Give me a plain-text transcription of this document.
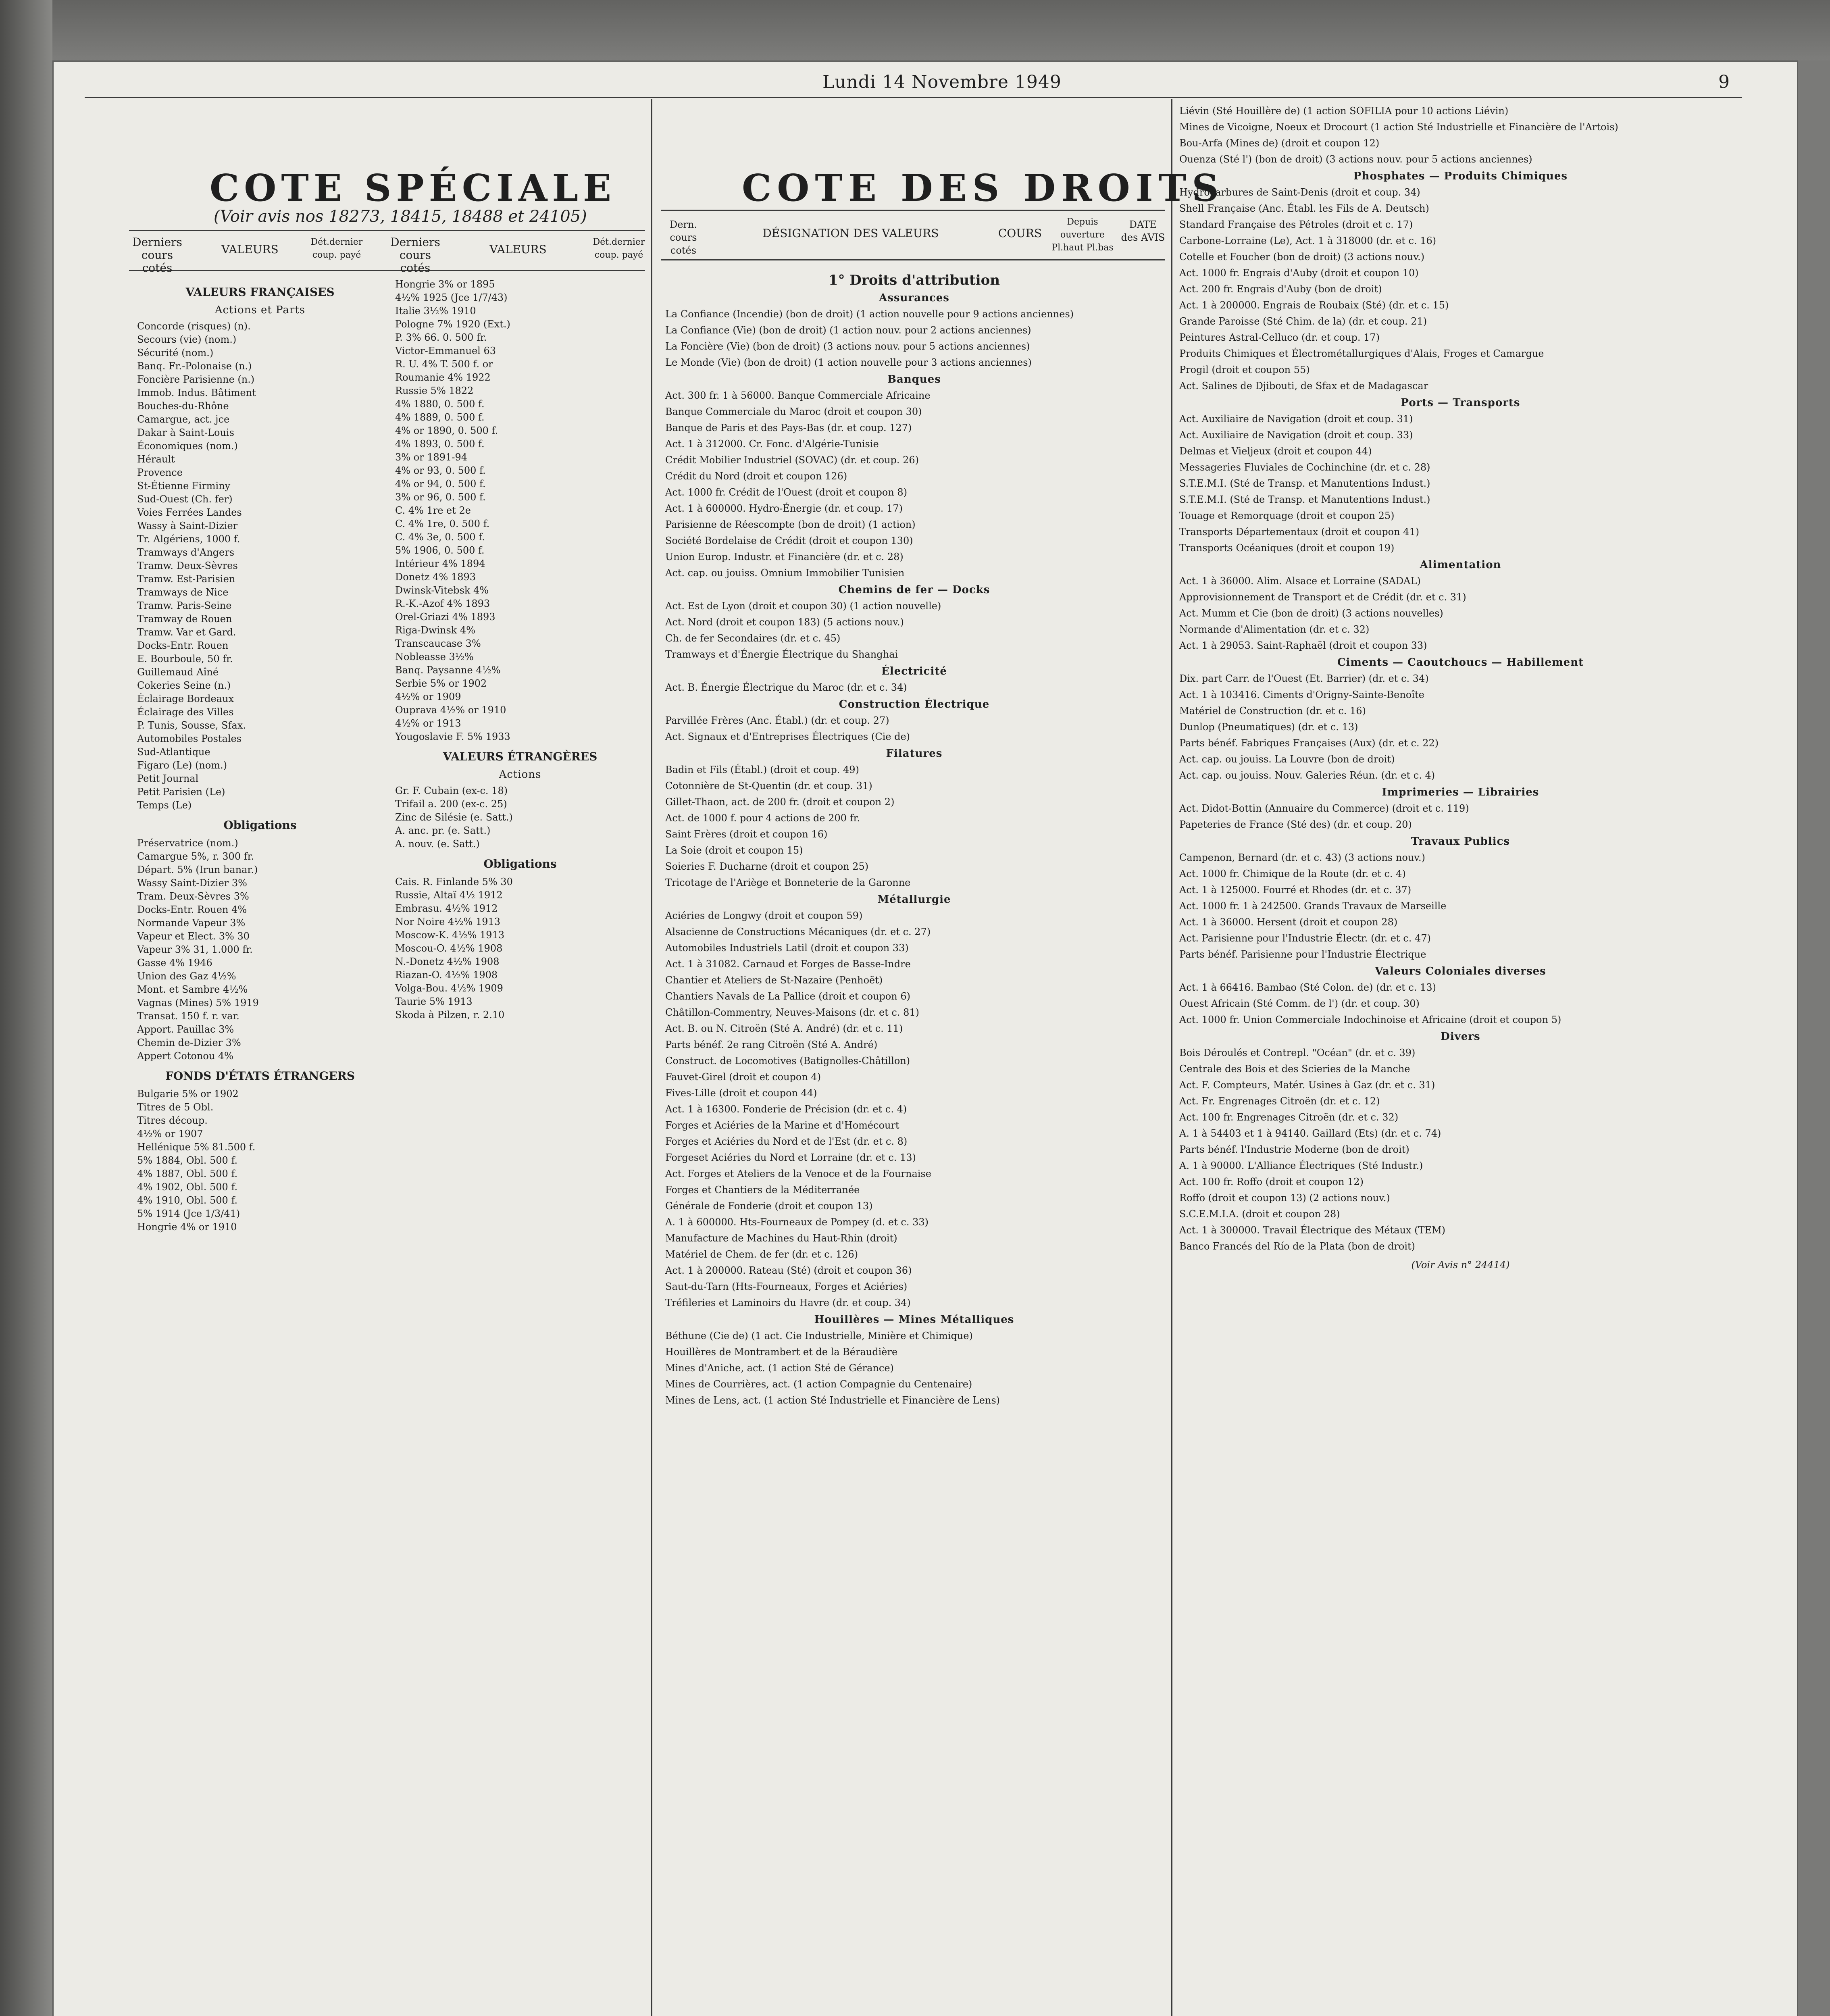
Lundi 14 Novembre 1949	9
COTE SPÉCIALE
(Voir avis nos 18273, 18415, 18488 et 24105)
Derniers cours cotés
VALEURS
Dét.dernier coup. payé
Derniers cours cotés
VALEURS
Dét.dernier coup. payé
VALEURS FRANÇAISES
Actions et Parts
Concorde (risques) (n).
Secours (vie) (nom.)
Sécurité (nom.)
Banq. Fr.-Polonaise (n.)
Foncière Parisienne (n.)
Immob. Indus. Bâtiment
Bouches-du-Rhône
Camargue, act. jce
Dakar à Saint-Louis
Économiques (nom.)
Hérault
Provence
St-Étienne Firminy
Sud-Ouest (Ch. fer)
Voies Ferrées Landes
Wassy à Saint-Dizier
Tr. Algériens, 1000 f.
Tramways d'Angers
Tramw. Deux-Sèvres
Tramw. Est-Parisien
Tramways de Nice
Tramw. Paris-Seine
Tramway de Rouen
Tramw. Var et Gard.
Docks-Entr. Rouen
E. Bourboule, 50 fr.
Guillemaud Aîné
Cokeries Seine (n.)
Éclairage Bordeaux
Éclairage des Villes
P. Tunis, Sousse, Sfax.
Automobiles Postales
Sud-Atlantique
Figaro (Le) (nom.)
Petit Journal
Petit Parisien (Le)
Temps (Le)
Obligations
Préservatrice (nom.)
Camargue 5%, r. 300 fr.
Départ. 5% (Irun banar.)
Wassy Saint-Dizier 3%
Tram. Deux-Sèvres 3%
Docks-Entr. Rouen 4%
Normande Vapeur 3%
Vapeur et Elect. 3% 30
Vapeur 3% 31, 1.000 fr.
Gasse 4% 1946
Union des Gaz 4½%
Mont. et Sambre 4½%
Vagnas (Mines) 5% 1919
Transat. 150 f. r. var.
Apport. Pauillac 3%
Chemin de-Dizier 3%
Appert Cotonou 4%
FONDS D'ÉTATS ÉTRANGERS
Bulgarie 5% or 1902
Titres de 5 Obl.
Titres découp.
4½% or 1907
Hellénique 5% 81.500 f.
5% 1884, Obl. 500 f.
4% 1887, Obl. 500 f.
4% 1902, Obl. 500 f.
4% 1910, Obl. 500 f.
5% 1914 (Jce 1/3/41)
Hongrie 4% or 1910
Hongrie 3% or 1895
4½% 1925 (Jce 1/7/43)
Italie 3½% 1910
Pologne 7% 1920 (Ext.)
P. 3% 66. 0. 500 fr.
Victor-Emmanuel 63
R. U. 4% T. 500 f. or
Roumanie 4% 1922
Russie 5% 1822
4% 1880, 0. 500 f.
4% 1889, 0. 500 f.
4% or 1890, 0. 500 f.
4% 1893, 0. 500 f.
3% or 1891-94
4% or 93, 0. 500 f.
4% or 94, 0. 500 f.
3% or 96, 0. 500 f.
C. 4% 1re et 2e
C. 4% 1re, 0. 500 f.
C. 4% 3e, 0. 500 f.
5% 1906, 0. 500 f.
Intérieur 4% 1894
Donetz 4% 1893
Dwinsk-Vitebsk 4%
R.-K.-Azof 4% 1893
Orel-Griazi 4% 1893
Riga-Dwinsk 4%
Transcaucase 3%
Nobleasse 3½%
Banq. Paysanne 4½%
Serbie 5% or 1902
4½% or 1909
Ouprava 4½% or 1910
4½% or 1913
Yougoslavie F. 5% 1933
VALEURS ÉTRANGÈRES
Actions
Gr. F. Cubain (ex-c. 18)
Trifail a. 200 (ex-c. 25)
Zinc de Silésie (e. Satt.)
A. anc. pr. (e. Satt.)
A. nouv. (e. Satt.)
Obligations
Cais. R. Finlande 5% 30
Russie, Altaï 4½ 1912
Embrasu. 4½% 1912
Nor Noire 4½% 1913
Moscow-K. 4½% 1913
Moscou-O. 4½% 1908
N.-Donetz 4½% 1908
Riazan-O. 4½% 1908
Volga-Bou. 4½% 1909
Taurie 5% 1913
Skoda à Pilzen, r. 2.10
COTE DES DROITS
Dern. cours cotés
DÉSIGNATION DES VALEURS	COURS
Depuis ouverture Pl.haut Pl.bas
DATE des AVIS
1° Droits d'attribution
Assurances
La Confiance (Incendie) (bon de droit) (1 action nouvelle pour 9 actions anciennes)
La Confiance (Vie) (bon de droit) (1 action nouv. pour 2 actions anciennes)
La Foncière (Vie) (bon de droit) (3 actions nouv. pour 5 actions anciennes)
Le Monde (Vie) (bon de droit) (1 action nouvelle pour 3 actions anciennes)
Banques
Act. 300 fr. 1 à 56000. Banque Commerciale Africaine
Banque Commerciale du Maroc (droit et coupon 30)
Banque de Paris et des Pays-Bas (dr. et coup. 127)
Act. 1 à 312000. Cr. Fonc. d'Algérie-Tunisie
Crédit Mobilier Industriel (SOVAC) (dr. et coup. 26)
Crédit du Nord (droit et coupon 126)
Act. 1000 fr. Crédit de l'Ouest (droit et coupon 8)
Act. 1 à 600000. Hydro-Énergie (dr. et coup. 17)
Parisienne de Réescompte (bon de droit) (1 action)
Société Bordelaise de Crédit (droit et coupon 130)
Union Europ. Industr. et Financière (dr. et c. 28)
Act. cap. ou jouiss. Omnium Immobilier Tunisien
Chemins de fer — Docks
Act. Est de Lyon (droit et coupon 30) (1 action nouvelle)
Act. Nord (droit et coupon 183) (5 actions nouv.)
Ch. de fer Secondaires (dr. et c. 45)
Tramways et d'Énergie Électrique du Shanghai
Électricité
Act. B. Énergie Électrique du Maroc (dr. et c. 34)
Construction Électrique
Parvillée Frères (Anc. Établ.) (dr. et coup. 27)
Act. Signaux et d'Entreprises Électriques (Cie de)
Filatures
Badin et Fils (Établ.) (droit et coup. 49)
Cotonnière de St-Quentin (dr. et coup. 31)
Gillet-Thaon, act. de 200 fr. (droit et coupon 2)
Act. de 1000 f. pour 4 actions de 200 fr.
Saint Frères (droit et coupon 16)
La Soie (droit et coupon 15)
Soieries F. Ducharne (droit et coupon 25)
Tricotage de l'Ariège et Bonneterie de la Garonne
Métallurgie
Aciéries de Longwy (droit et coupon 59)
Alsacienne de Constructions Mécaniques (dr. et c. 27)
Automobiles Industriels Latil (droit et coupon 33)
Act. 1 à 31082. Carnaud et Forges de Basse-Indre
Chantier et Ateliers de St-Nazaire (Penhoët)
Chantiers Navals de La Pallice (droit et coupon 6)
Châtillon-Commentry, Neuves-Maisons (dr. et c. 81)
Act. B. ou N. Citroën (Sté A. André) (dr. et c. 11)
Parts bénéf. 2e rang Citroën (Sté A. André)
Construct. de Locomotives (Batignolles-Châtillon)
Fauvet-Girel (droit et coupon 4)
Fives-Lille (droit et coupon 44)
Act. 1 à 16300. Fonderie de Précision (dr. et c. 4)
Forges et Aciéries de la Marine et d'Homécourt
Forges et Aciéries du Nord et de l'Est (dr. et c. 8)
Forgeset Aciéries du Nord et Lorraine (dr. et c. 13)
Act. Forges et Ateliers de la Venoce et de la Fournaise
Forges et Chantiers de la Méditerranée
Générale de Fonderie (droit et coupon 13)
A. 1 à 600000. Hts-Fourneaux de Pompey (d. et c. 33)
Manufacture de Machines du Haut-Rhin (droit)
Matériel de Chem. de fer (dr. et c. 126)
Act. 1 à 200000. Rateau (Sté) (droit et coupon 36)
Saut-du-Tarn (Hts-Fourneaux, Forges et Aciéries)
Tréfileries et Laminoirs du Havre (dr. et coup. 34)
Houillères — Mines Métalliques
Béthune (Cie de) (1 act. Cie Industrielle, Minière et Chimique)
Houillères de Montrambert et de la Béraudière
Mines d'Aniche, act. (1 action Sté de Gérance)
Mines de Courrières, act. (1 action Compagnie du Centenaire)
Mines de Lens, act. (1 action Sté Industrielle et Financière de Lens)
Liévin (Sté Houillère de) (1 action SOFILIA pour 10 actions Liévin)
Mines de Vicoigne, Noeux et Drocourt (1 action Sté Industrielle et Financière de l'Artois)
Bou-Arfa (Mines de) (droit et coupon 12)
Ouenza (Sté l') (bon de droit) (3 actions nouv. pour 5 actions anciennes)
Phosphates — Produits Chimiques
Hydrocarbures de Saint-Denis (droit et coup. 34)
Shell Française (Anc. Établ. les Fils de A. Deutsch)
Standard Française des Pétroles (droit et c. 17)
Carbone-Lorraine (Le), Act. 1 à 318000 (dr. et c. 16)
Cotelle et Foucher (bon de droit) (3 actions nouv.)
Act. 1000 fr. Engrais d'Auby (droit et coupon 10)
Act. 200 fr. Engrais d'Auby (bon de droit)
Act. 1 à 200000. Engrais de Roubaix (Sté) (dr. et c. 15)
Grande Paroisse (Sté Chim. de la) (dr. et coup. 21)
Peintures Astral-Celluco (dr. et coup. 17)
Produits Chimiques et Électrométallurgiques d'Alais, Froges et Camargue
Progil (droit et coupon 55)
Act. Salines de Djibouti, de Sfax et de Madagascar
Ports — Transports
Act. Auxiliaire de Navigation (droit et coup. 31)
Act. Auxiliaire de Navigation (droit et coup. 33)
Delmas et Vieljeux (droit et coupon 44)
Messageries Fluviales de Cochinchine (dr. et c. 28)
S.T.E.M.I. (Sté de Transp. et Manutentions Indust.)
S.T.E.M.I. (Sté de Transp. et Manutentions Indust.)
Touage et Remorquage (droit et coupon 25)
Transports Départementaux (droit et coupon 41)
Transports Océaniques (droit et coupon 19)
Alimentation
Act. 1 à 36000. Alim. Alsace et Lorraine (SADAL)
Approvisionnement de Transport et de Crédit (dr. et c. 31)
Act. Mumm et Cie (bon de droit) (3 actions nouvelles)
Normande d'Alimentation (dr. et c. 32)
Act. 1 à 29053. Saint-Raphaël (droit et coupon 33)
Ciments — Caoutchoucs — Habillement
Dix. part Carr. de l'Ouest (Et. Barrier) (dr. et c. 34)
Act. 1 à 103416. Ciments d'Origny-Sainte-Benoîte
Matériel de Construction (dr. et c. 16)
Dunlop (Pneumatiques) (dr. et c. 13)
Parts bénéf. Fabriques Françaises (Aux) (dr. et c. 22)
Act. cap. ou jouiss. La Louvre (bon de droit)
Act. cap. ou jouiss. Nouv. Galeries Réun. (dr. et c. 4)
Imprimeries — Librairies
Act. Didot-Bottin (Annuaire du Commerce) (droit et c. 119)
Papeteries de France (Sté des) (dr. et coup. 20)
Travaux Publics
Campenon, Bernard (dr. et c. 43) (3 actions nouv.)
Act. 1000 fr. Chimique de la Route (dr. et c. 4)
Act. 1 à 125000. Fourré et Rhodes (dr. et c. 37)
Act. 1000 fr. 1 à 242500. Grands Travaux de Marseille
Act. 1 à 36000. Hersent (droit et coupon 28)
Act. Parisienne pour l'Industrie Électr. (dr. et c. 47)
Parts bénéf. Parisienne pour l'Industrie Électrique
Valeurs Coloniales diverses
Act. 1 à 66416. Bambao (Sté Colon. de) (dr. et c. 13)
Ouest Africain (Sté Comm. de l') (dr. et coup. 30)
Act. 1000 fr. Union Commerciale Indochinoise et Africaine (droit et coupon 5)
Divers
Bois Déroulés et Contrepl. "Océan" (dr. et c. 39)
Centrale des Bois et des Scieries de la Manche
Act. F. Compteurs, Matér. Usines à Gaz (dr. et c. 31)
Act. Fr. Engrenages Citroën (dr. et c. 12)
Act. 100 fr. Engrenages Citroën (dr. et c. 32)
A. 1 à 54403 et 1 à 94140. Gaillard (Ets) (dr. et c. 74)
Parts bénéf. l'Industrie Moderne (bon de droit)
A. 1 à 90000. L'Alliance Électriques (Sté Industr.)
Act. 100 fr. Roffo (droit et coupon 12)
Roffo (droit et coupon 13) (2 actions nouv.)
S.C.E.M.I.A. (droit et coupon 28)
Act. 1 à 300000. Travail Électrique des Métaux (TEM)
Banco Francés del Río de la Plata (bon de droit)
(Voir Avis n° 24414)
